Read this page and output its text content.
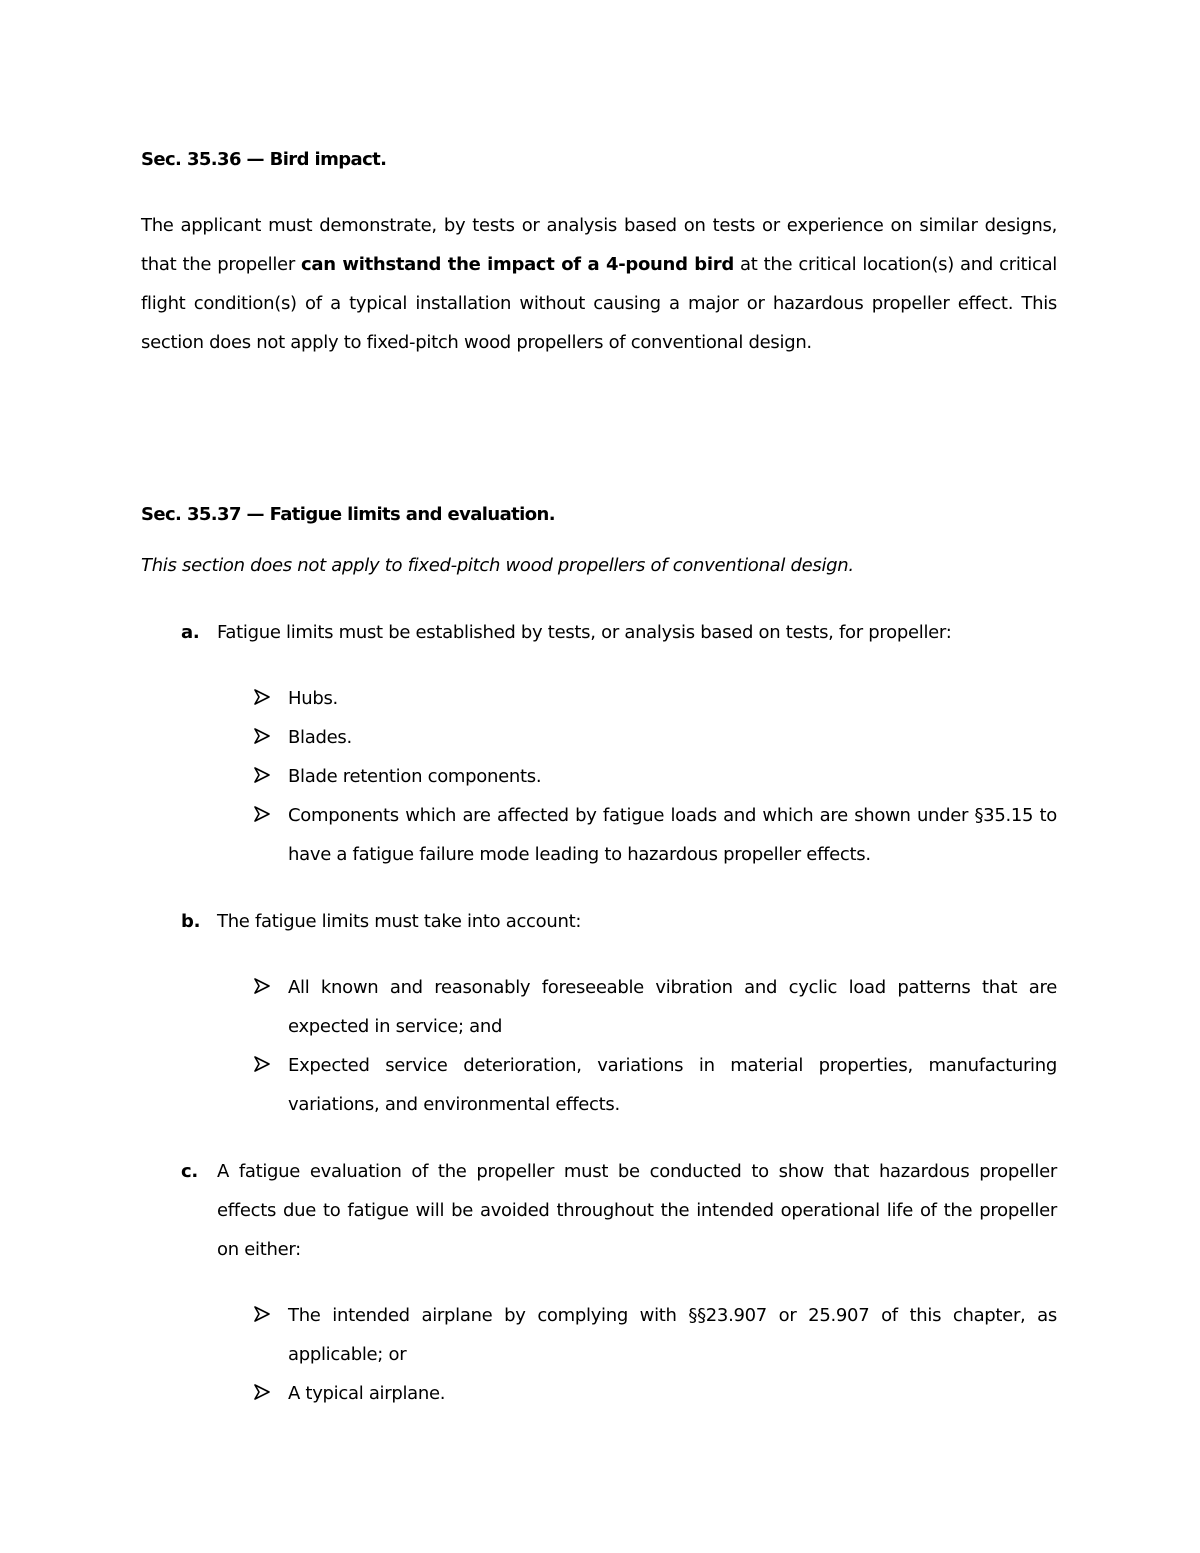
Sec. 35.36 — Bird impact.
The applicant must demonstrate, by tests or analysis based on tests or experience on similar designs, that the propeller can withstand the impact of a 4-pound bird at the critical location(s) and critical flight condition(s) of a typical installation without causing a major or hazardous propeller effect. This section does not apply to fixed-pitch wood propellers of conventional design.
Sec. 35.37 — Fatigue limits and evaluation.
This section does not apply to fixed-pitch wood propellers of conventional design.
a. Fatigue limits must be established by tests, or analysis based on tests, for propeller:
Hubs.
Blades.
Blade retention components.
Components which are affected by fatigue loads and which are shown under §35.15 to have a fatigue failure mode leading to hazardous propeller effects.
b. The fatigue limits must take into account:
All known and reasonably foreseeable vibration and cyclic load patterns that are expected in service; and
Expected service deterioration, variations in material properties, manufacturing variations, and environmental effects.
c. A fatigue evaluation of the propeller must be conducted to show that hazardous propeller effects due to fatigue will be avoided throughout the intended operational life of the propeller on either:
The intended airplane by complying with §§23.907 or 25.907 of this chapter, as applicable; or
A typical airplane.
